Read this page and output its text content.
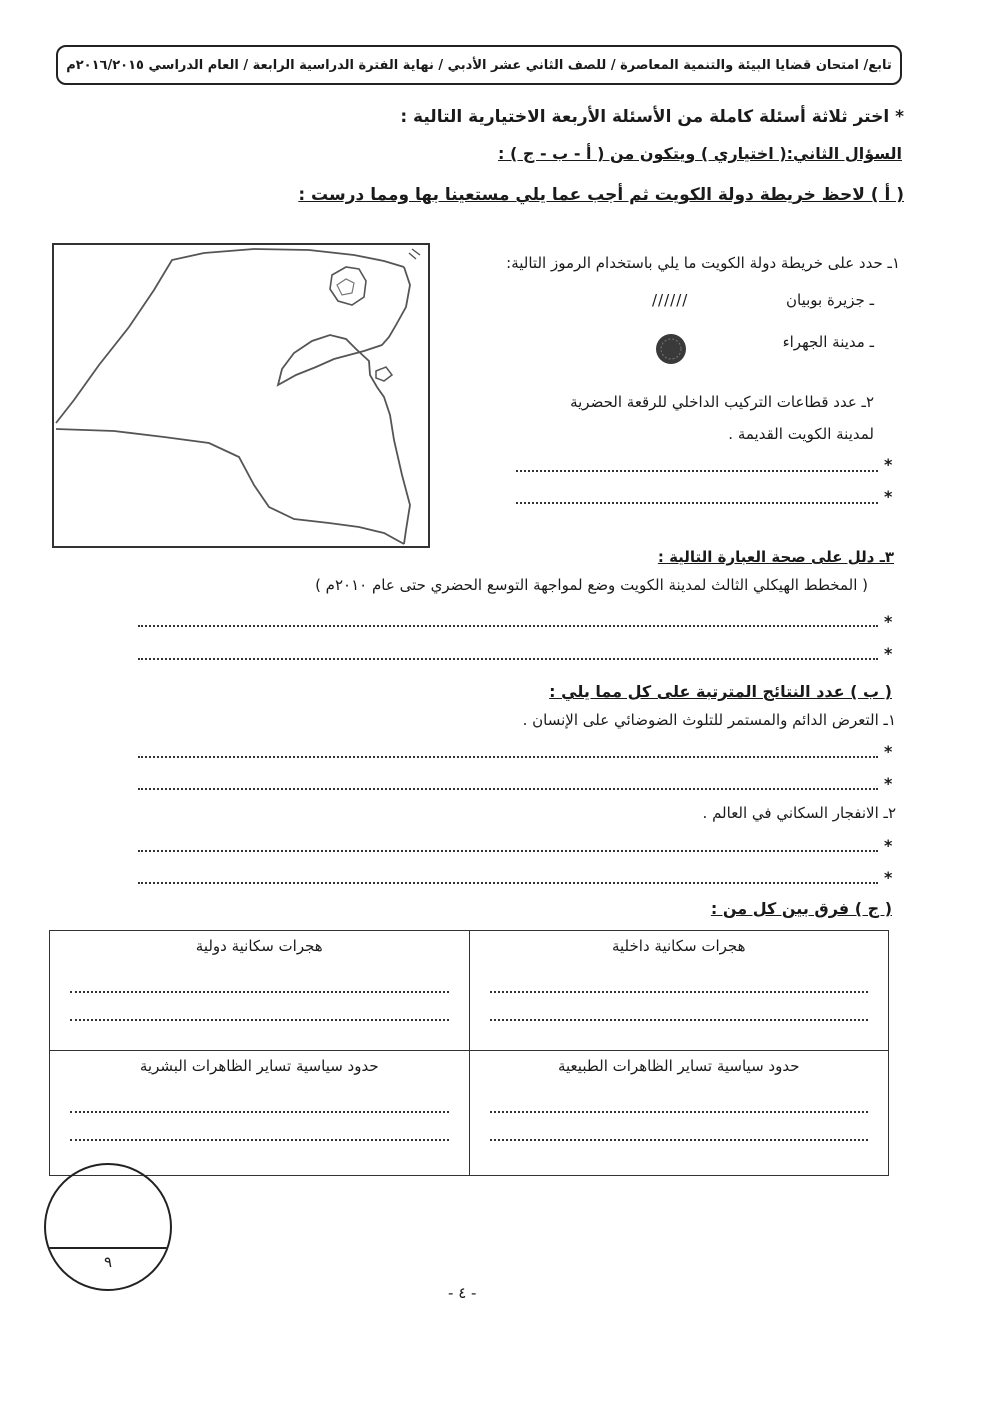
تابع/ امتحان قضايا البيئة والتنمية المعاصرة / للصف الثاني عشر الأدبي / نهاية الفترة الدراسية الرابعة / العام الدراسي ٢٠١٦/٢٠١٥م
* اختر ثلاثة أسئلة كاملة من الأسئلة الأربعة الاختيارية التالية :
السؤال الثاني:( اختياري ) ويتكون من ( أ - ب - ج ) :
( أ ) لاحظ خريطة دولة الكويت ثم أجب عما يلي مستعينا بها ومما درست :
١ـ حدد على خريطة دولة الكويت ما يلي باستخدام الرموز التالية:
ـ جزيرة بوبيان
//////
ـ مدينة الجهراء
٢ـ عدد قطاعات التركيب الداخلي للرقعة الحضرية
لمدينة الكويت القديمة .
*
*
٣ـ دلل على صحة العبارة التالية :
( المخطط الهيكلي الثالث لمدينة الكويت وضع لمواجهة التوسع الحضري حتى عام ٢٠١٠م )
*
*
( ب ) عدد النتائج المترتبة على كل مما يلي :
١ـ التعرض الدائم والمستمر للتلوث الضوضائي على الإنسان .
*
*
٢ـ الانفجار السكاني في العالم .
*
*
( ج ) فرق بين كل من :
هجرات سكانية داخلية	هجرات سكانية دولية

حدود سياسية تساير الظاهرات الطبيعية	حدود سياسية تساير الظاهرات البشرية
٩
- ٤ -
